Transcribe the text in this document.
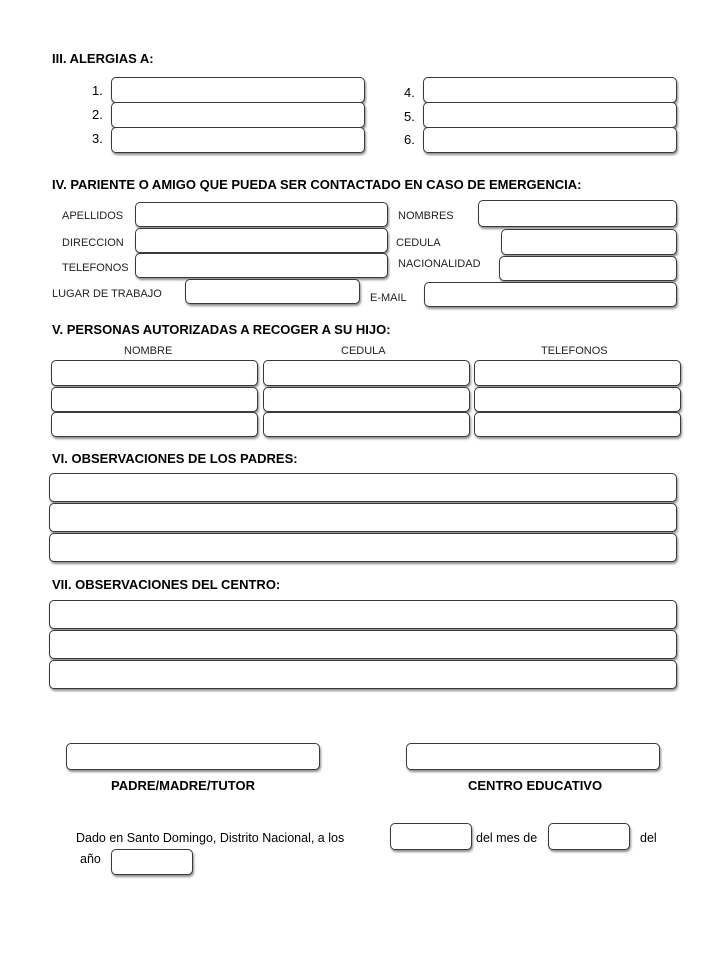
III. ALERGIAS A:
1.
2.
3.
4.
5.
6.
IV. PARIENTE O AMIGO QUE PUEDA SER CONTACTADO EN CASO DE EMERGENCIA:
APELLIDOS
DIRECCION
TELEFONOS
LUGAR DE TRABAJO
NOMBRES
CEDULA
NACIONALIDAD
E-MAIL
V. PERSONAS AUTORIZADAS A RECOGER A SU HIJO:
NOMBRE	CEDULA	TELEFONOS
VI. OBSERVACIONES DE LOS PADRES:
VII. OBSERVACIONES DEL CENTRO:
PADRE/MADRE/TUTOR	CENTRO EDUCATIVO
Dado en Santo Domingo, Distrito Nacional, a los	del mes de	del
año
